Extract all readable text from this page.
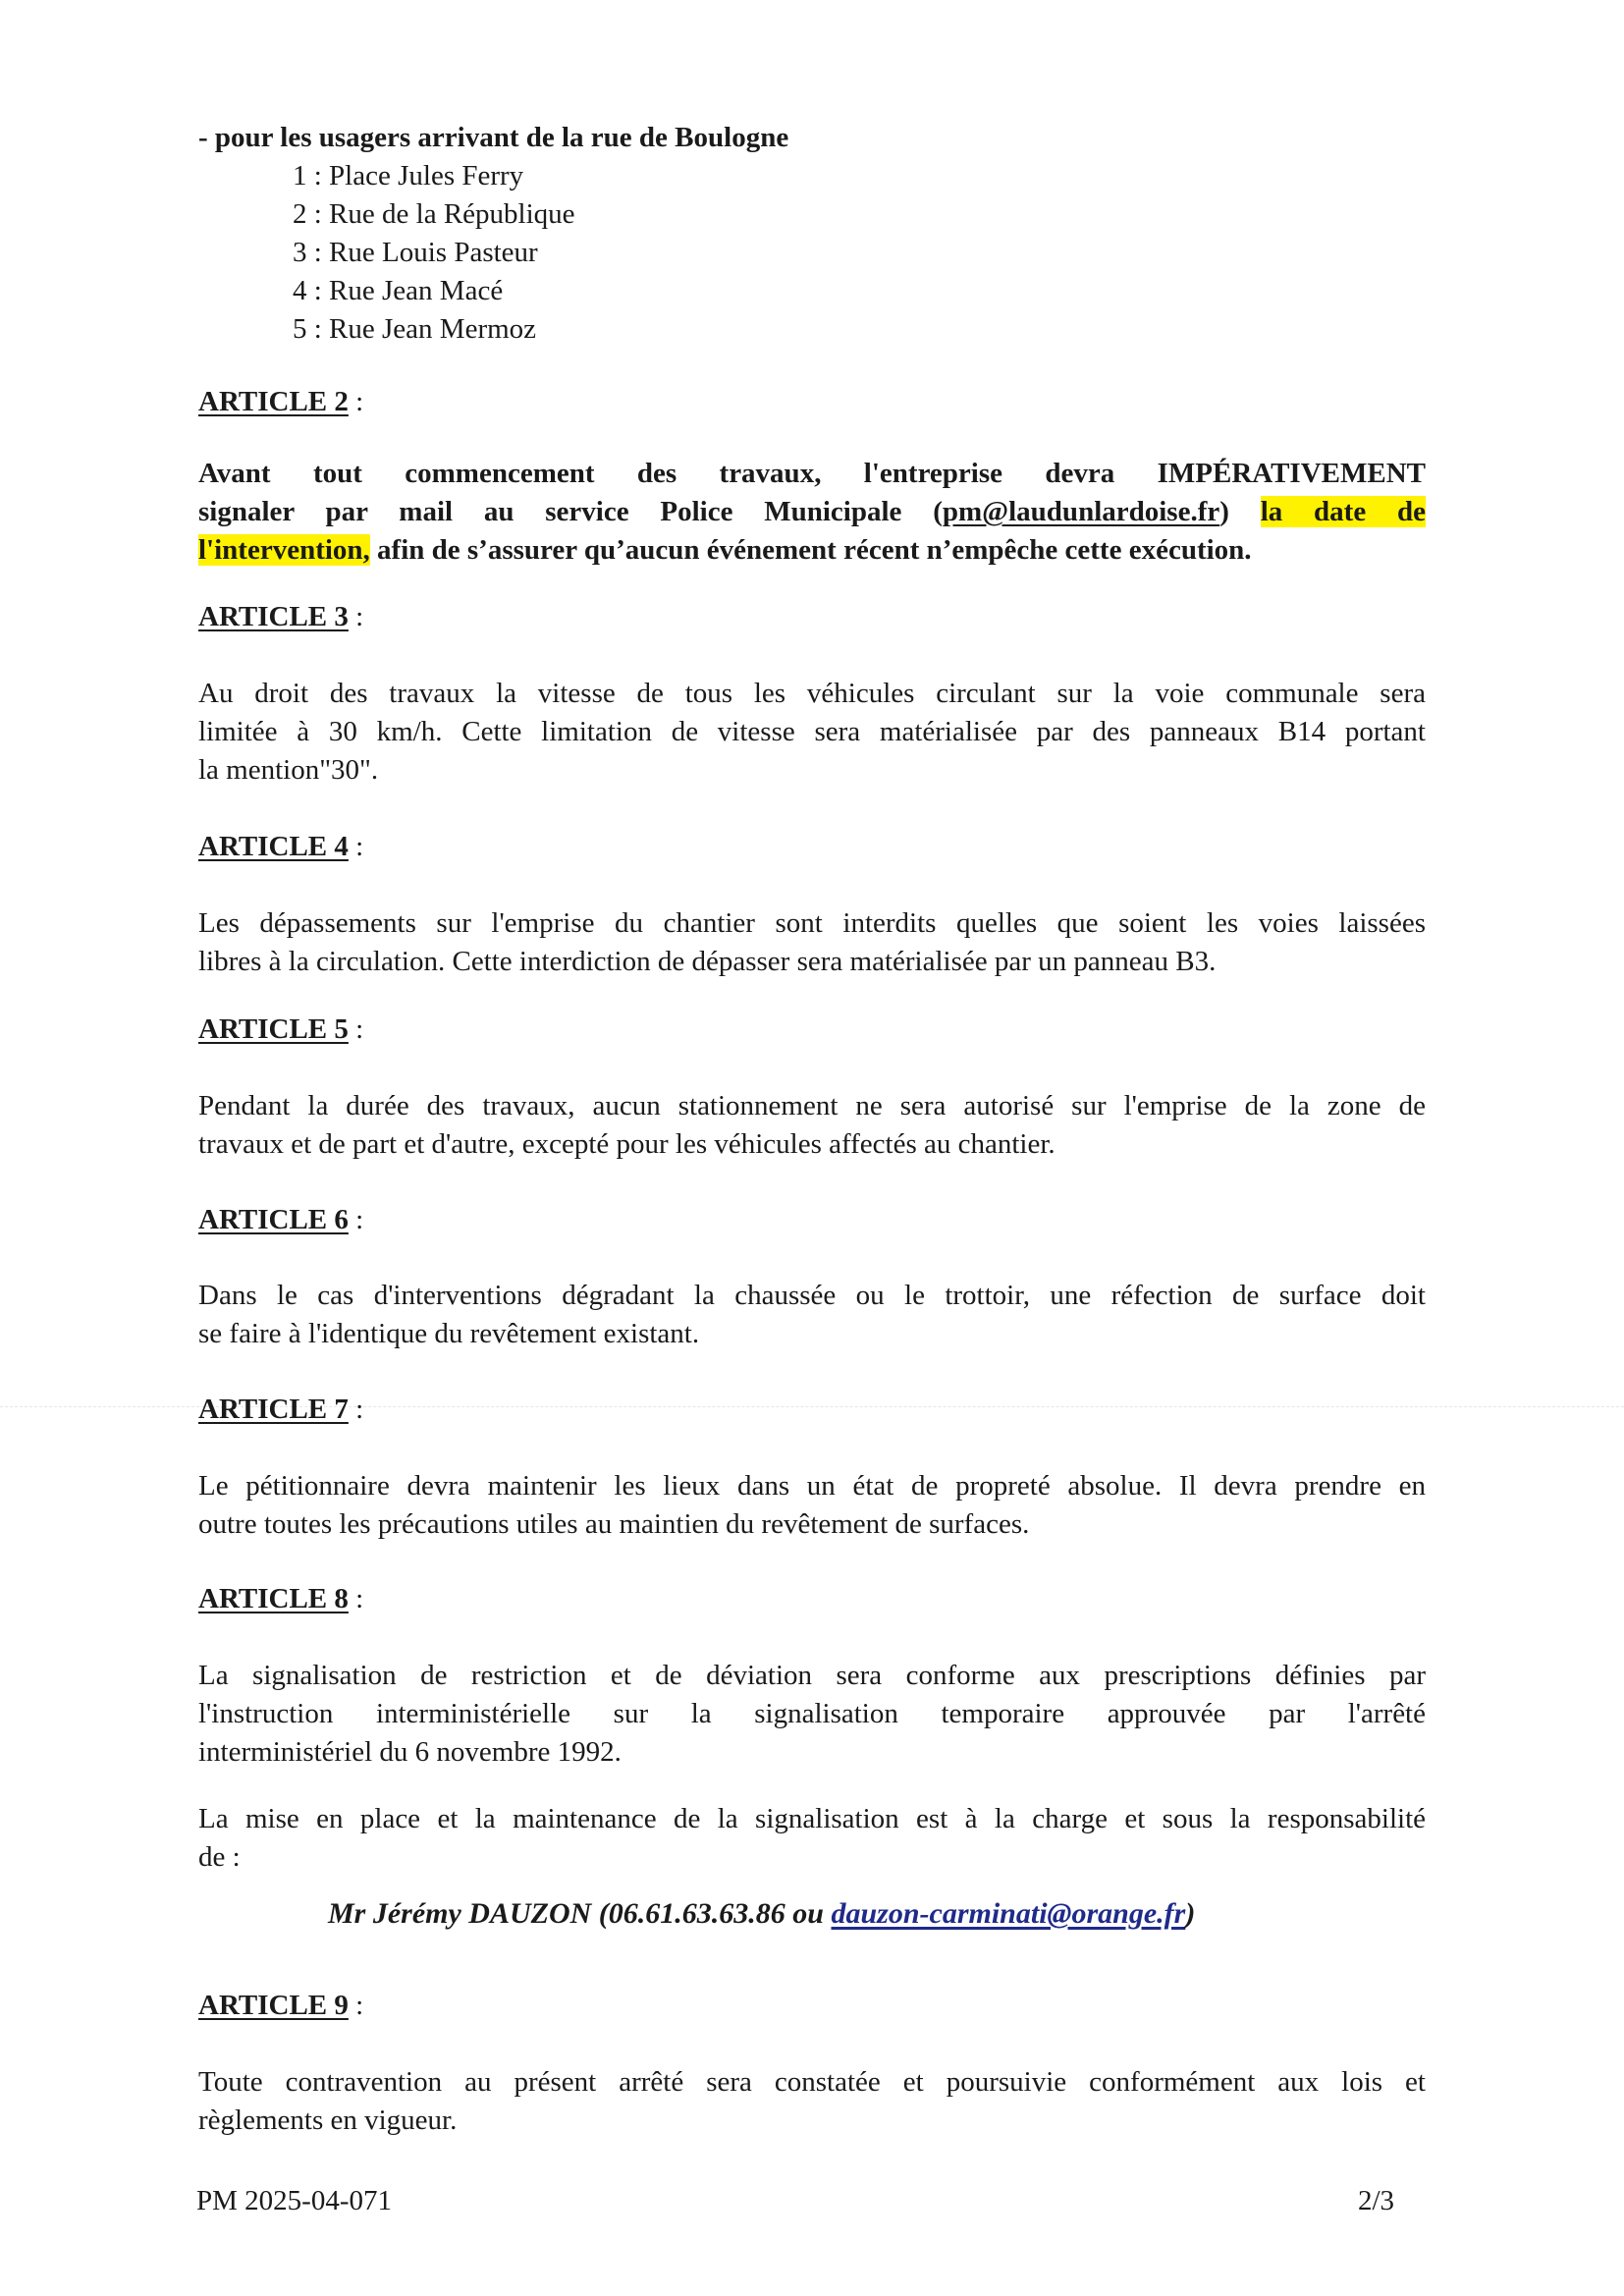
- pour les usagers arrivant de la rue de Boulogne
1 : Place Jules Ferry
2 : Rue de la République
3 : Rue Louis Pasteur
4 : Rue Jean Macé
5 : Rue Jean Mermoz
ARTICLE 2 :
Avant tout commencement des travaux, l'entreprise devra IMPÉRATIVEMENT
signaler par mail au service Police Municipale (pm@laudunlardoise.fr) la date de
l'intervention, afin de s’assurer qu’aucun événement récent n’empêche cette exécution.
ARTICLE 3 :
Au droit des travaux la vitesse de tous les véhicules circulant sur la voie communale sera
limitée à 30 km/h. Cette limitation de vitesse sera matérialisée par des panneaux B14 portant
la mention"30".
ARTICLE 4 :
Les dépassements sur l'emprise du chantier sont interdits quelles que soient les voies laissées
libres à la circulation. Cette interdiction de dépasser sera matérialisée par un panneau B3.
ARTICLE 5 :
Pendant la durée des travaux, aucun stationnement ne sera autorisé sur l'emprise de la zone de
travaux et de part et d'autre, excepté pour les véhicules affectés au chantier.
ARTICLE 6 :
Dans le cas d'interventions dégradant la chaussée ou le trottoir, une réfection de surface doit
se faire à l'identique du revêtement existant.
ARTICLE 7 :
Le pétitionnaire devra maintenir les lieux dans un état de propreté absolue. Il devra prendre en
outre toutes les précautions utiles au maintien du revêtement de surfaces.
ARTICLE 8 :
La signalisation de restriction et de déviation sera conforme aux prescriptions définies par
l'instruction interministérielle sur la signalisation temporaire approuvée par l'arrêté
interministériel du 6 novembre 1992.
La mise en place et la maintenance de la signalisation est à la charge et sous la responsabilité
de :
Mr Jérémy DAUZON (06.61.63.63.86 ou dauzon-carminati@orange.fr)
ARTICLE 9 :
Toute contravention au présent arrêté sera constatée et poursuivie conformément aux lois et
règlements en vigueur.
PM 2025-04-071	2/3
